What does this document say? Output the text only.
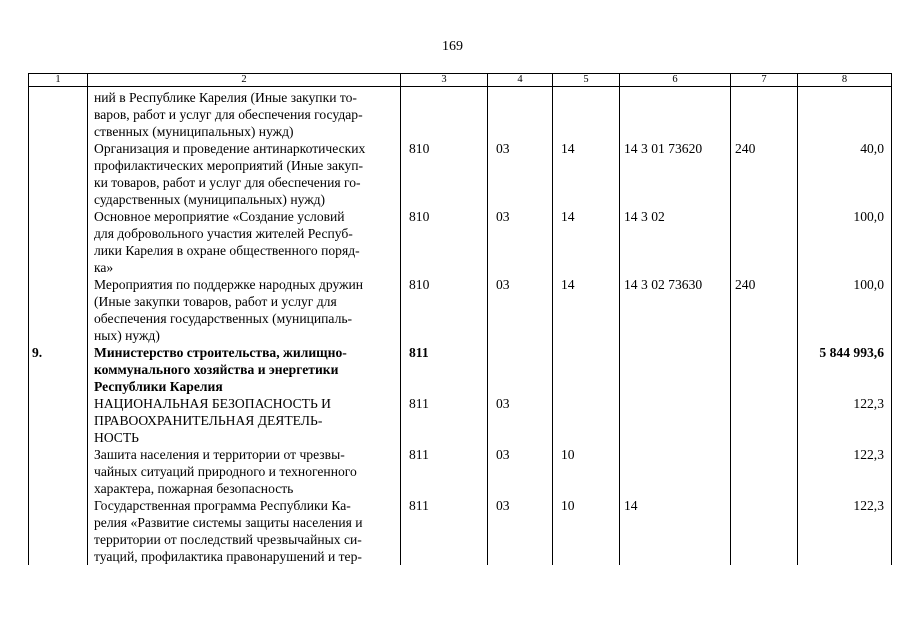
169
1	2	3	4	5	6	7	8

	ний в Республике Карелия (Иные закупки то-
варов, работ и услуг для обеспечения государ-
ственных (муниципальных) нужд)						

	Организация и проведение антинаркотических
профилактических мероприятий (Иные закуп-
ки товаров, работ и услуг для обеспечения го-
сударственных (муниципальных) нужд)	810	03	14	14 3 01 73620	240	40,0

	Основное мероприятие «Создание условий
для добровольного участия жителей Респуб-
лики Карелия в охране общественного поряд-
ка»	810	03	14	14 3 02		100,0

	Мероприятия по поддержке народных дружин
(Иные закупки товаров, работ и услуг для
обеспечения государственных (муниципаль-
ных) нужд)	810	03	14	14 3 02 73630	240	100,0
9.	Министерство строительства, жилищно-
коммунального хозяйства и энергетики
Республики Карелия	811					5 844 993,6

	НАЦИОНАЛЬНАЯ БЕЗОПАСНОСТЬ И
ПРАВООХРАНИТЕЛЬНАЯ ДЕЯТЕЛЬ-
НОСТЬ	811	03				122,3

	Зашита населения и территории от чрезвы-
чайных ситуаций природного и техногенного
характера, пожарная безопасность	811	03	10			122,3

	Государственная программа Республики Ка-
релия «Развитие системы защиты населения и
территории от последствий чрезвычайных си-
туаций, профилактика правонарушений и тер-	811	03	10	14		122,3
